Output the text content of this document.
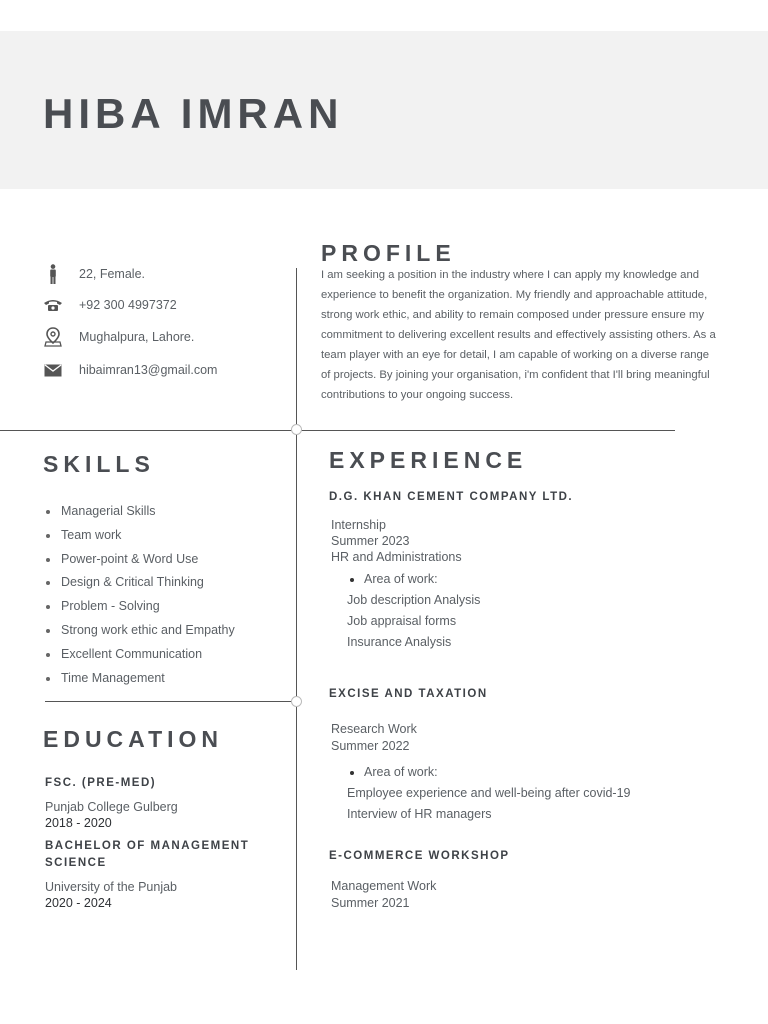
HIBA IMRAN
22, Female.
+92 300 4997372
Mughalpura, Lahore.
hibaimran13@gmail.com
PROFILE

I am seeking a position in the industry where I can apply my knowledge and experience to benefit the organization. My friendly and approachable attitude, strong work ethic, and ability to remain composed under pressure ensure my commitment to delivering excellent results and effectively assisting others. As a team player with an eye for detail, I am capable of working on a diverse range of projects. By joining your organisation, i'm confident that I'll bring meaningful contributions to your ongoing success.

SKILLS
Managerial Skills
Team work
Power-point & Word Use
Design & Critical Thinking
Problem - Solving
Strong work ethic and Empathy
Excellent Communication
Time Management
EDUCATION
FSC. (PRE-MED)
Punjab College Gulberg
2018 - 2020
BACHELOR OF MANAGEMENT
SCIENCE
University of the Punjab
2020 - 2024
EXPERIENCE
D.G. KHAN CEMENT COMPANY LTD.
Internship
Summer 2023
HR and Administrations
Area of work:
Job description Analysis
Job appraisal forms
Insurance Analysis
EXCISE AND TAXATION
Research Work
Summer 2022
Area of work:
Employee experience and well-being after covid-19
Interview of HR managers
E-COMMERCE WORKSHOP
Management Work
Summer 2021
